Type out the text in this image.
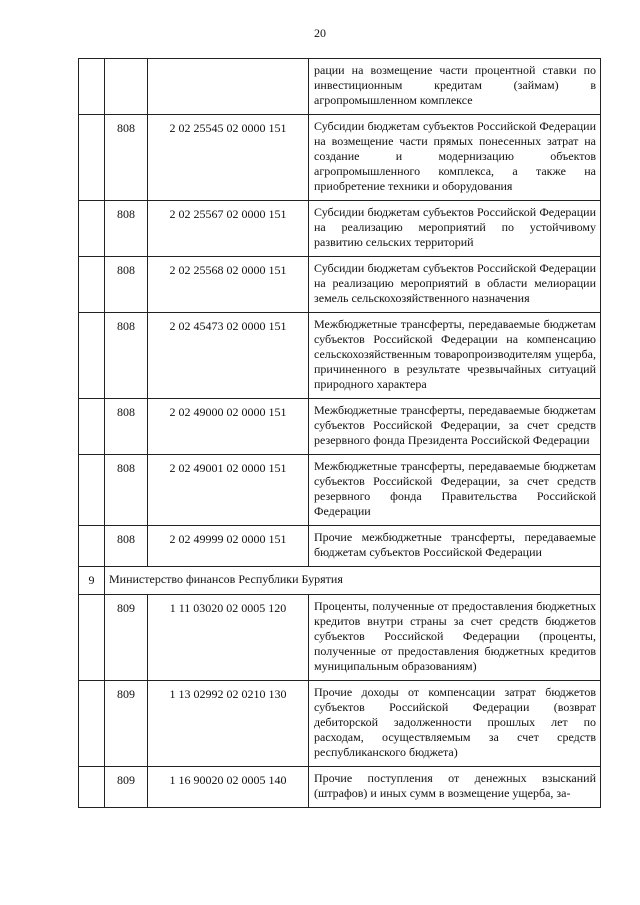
20
			рации на возмещение части процентной ставки по инвестиционным кредитам (займам) в агропромышленном комплексе
	808	2 02 25545 02 0000 151	Субсидии бюджетам субъектов Российской Федерации на возмещение части прямых понесенных затрат на создание и модернизацию объектов агропромышленного комплекса, а также на приобретение техники и оборудования
	808	2 02 25567 02 0000 151	Субсидии бюджетам субъектов Российской Федерации на реализацию мероприятий по устойчивому развитию сельских территорий
	808	2 02 25568 02 0000 151	Субсидии бюджетам субъектов Российской Федерации на реализацию мероприятий в области мелиорации земель сельскохозяйственного назначения
	808	2 02 45473 02 0000 151	Межбюджетные трансферты, передаваемые бюджетам субъектов Российской Федерации на компенсацию сельскохозяйственным товаропроизводителям ущерба, причиненного в результате чрезвычайных ситуаций природного характера
	808	2 02 49000 02 0000 151	Межбюджетные трансферты, передаваемые бюджетам субъектов Российской Федерации, за счет средств резервного фонда Президента Российской Федерации
	808	2 02 49001 02 0000 151	Межбюджетные трансферты, передаваемые бюджетам субъектов Российской Федерации, за счет средств резервного фонда Правительства Российской Федерации
	808	2 02 49999 02 0000 151	Прочие межбюджетные трансферты, передаваемые бюджетам субъектов Российской Федерации
9	Министерство финансов Республики Бурятия		
	809	1 11 03020 02 0005 120	Проценты, полученные от предоставления бюджетных кредитов внутри страны за счет средств бюджетов субъектов Российской Федерации (проценты, полученные от предоставления бюджетных кредитов муниципальным образованиям)
	809	1 13 02992 02 0210 130	Прочие доходы от компенсации затрат бюджетов субъектов Российской Федерации (возврат дебиторской задолженности прошлых лет по расходам, осуществляемым за счет средств республиканского бюджета)
	809	1 16 90020 02 0005 140	Прочие поступления от денежных взысканий (штрафов) и иных сумм в возмещение ущерба, за-
